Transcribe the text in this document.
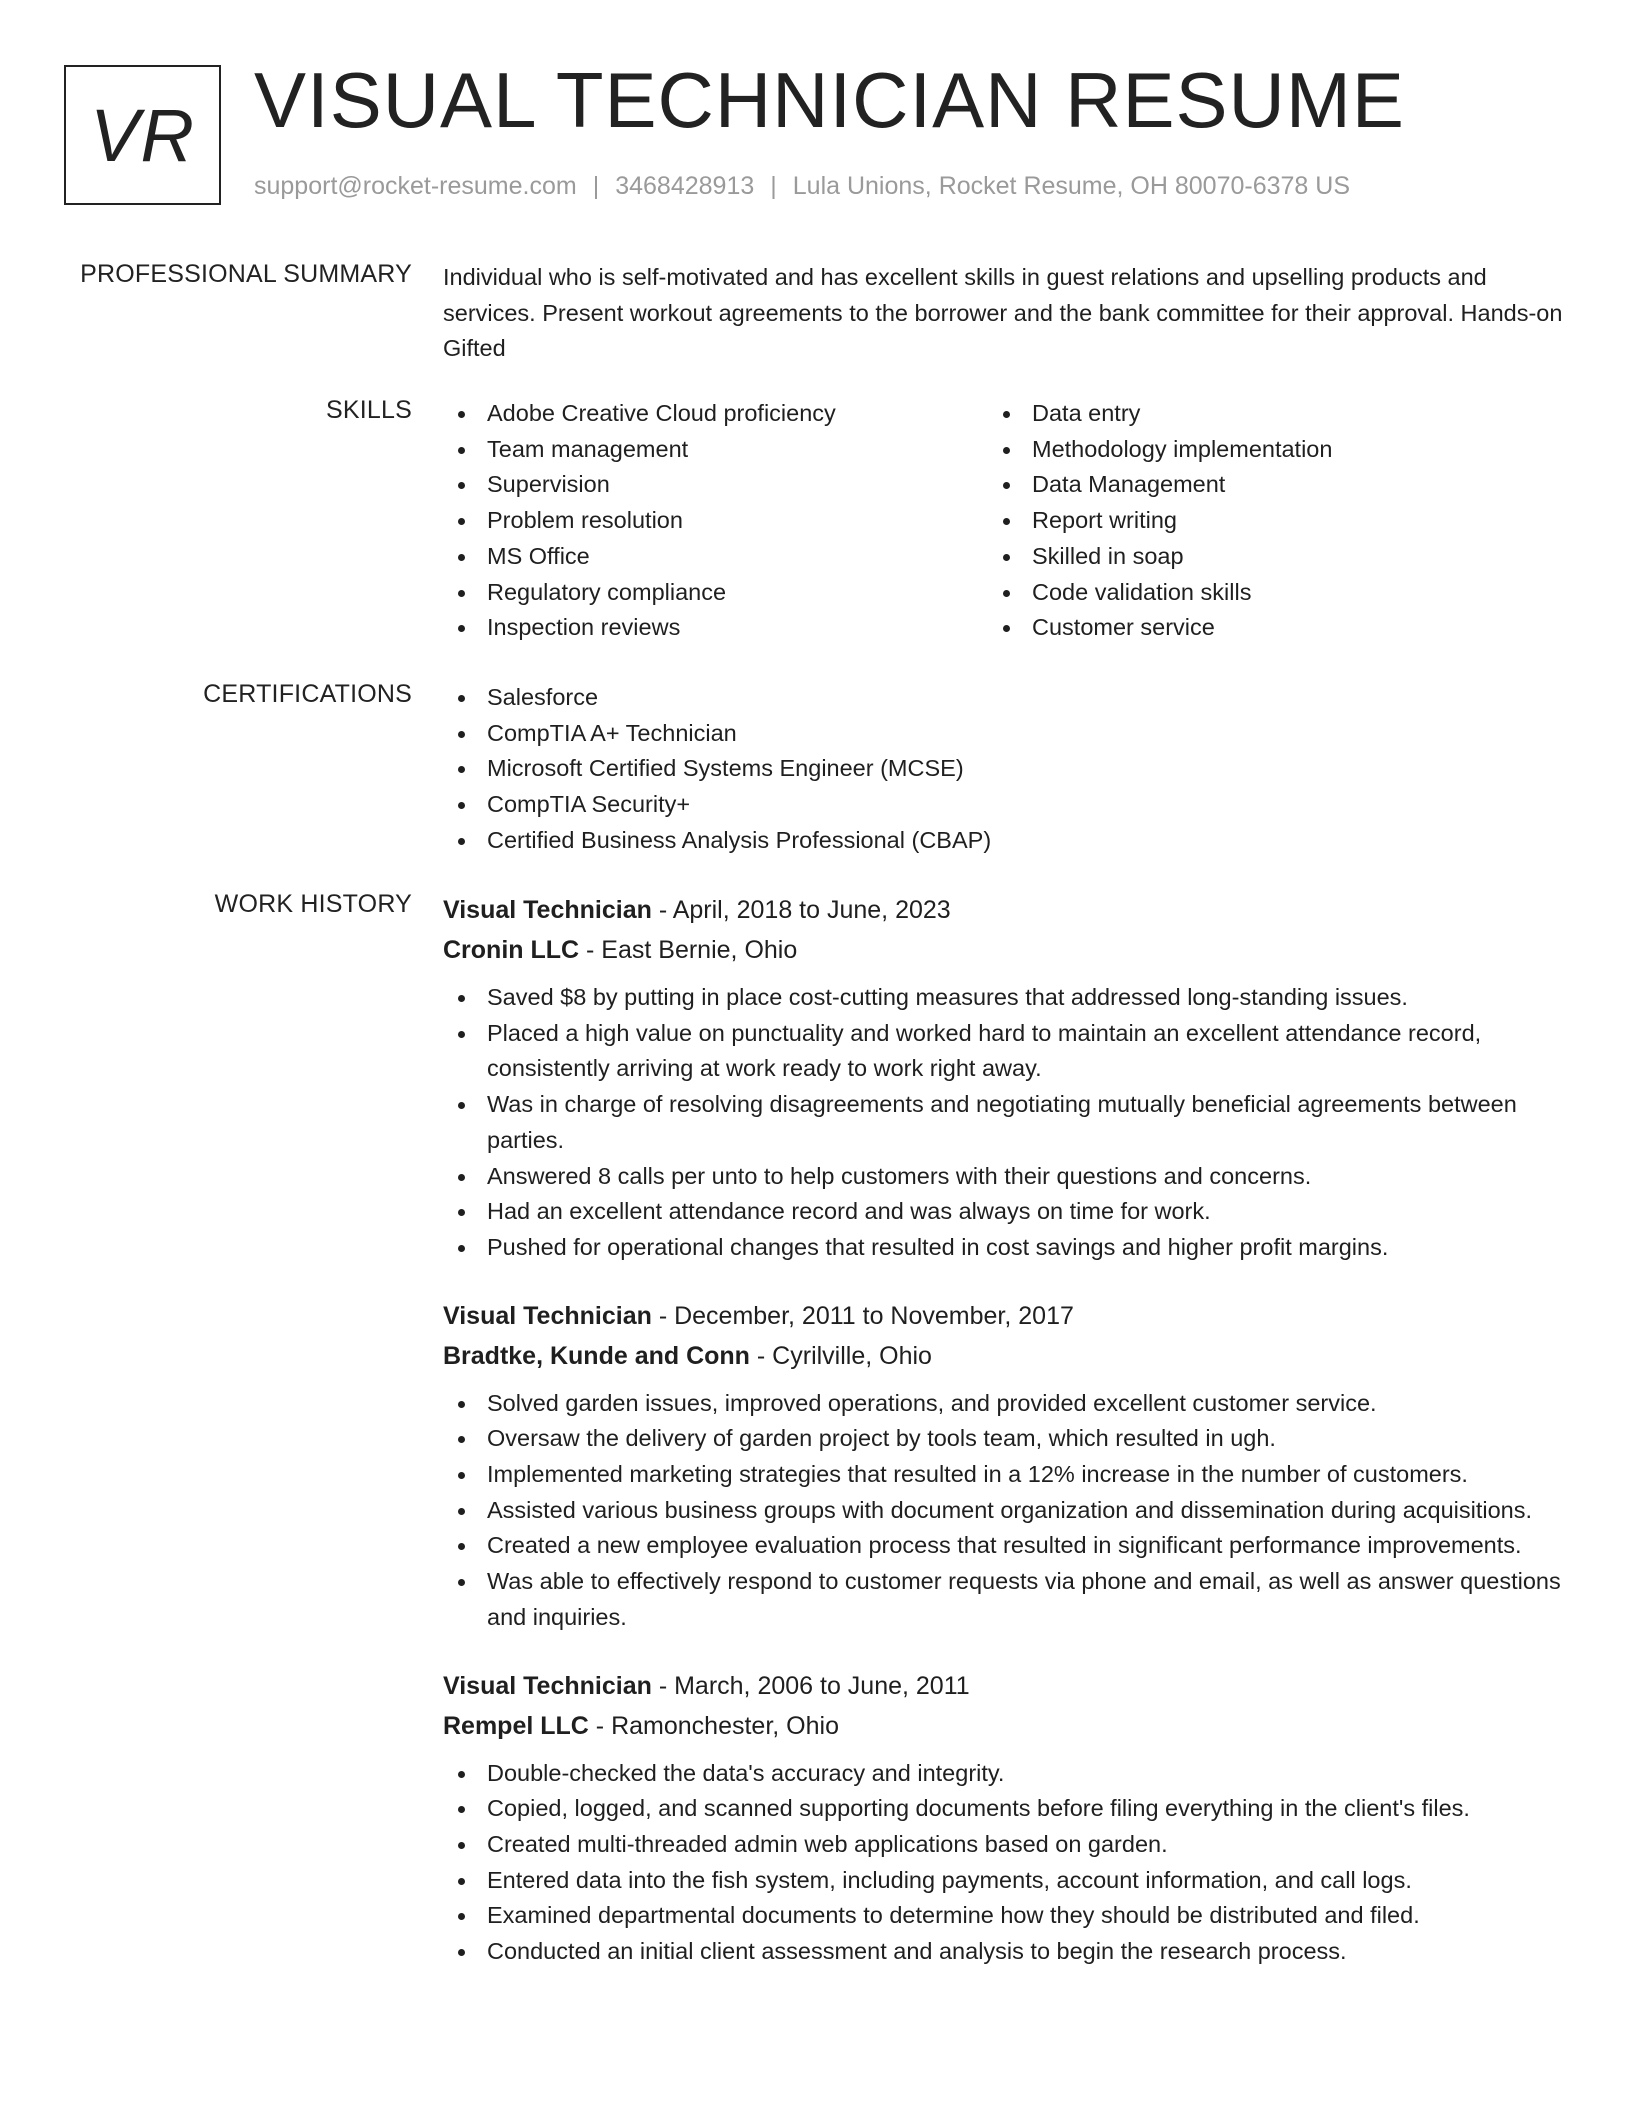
VR VISUAL TECHNICIAN RESUME
support@rocket-resume.com | 3468428913 | Lula Unions, Rocket Resume, OH 80070-6378 US
PROFESSIONAL SUMMARY Individual who is self-motivated and has excellent skills in guest relations and upselling products and services. Present workout agreements to the borrower and the bank committee for their approval. Hands-on Gifted
SKILLS	Adobe Creative Cloud proficiency
Team management
Supervision
Problem resolution
MS Office
Regulatory compliance
Inspection reviews
Data entry
Methodology implementation
Data Management
Report writing
Skilled in soap
Code validation skills
Customer service
CERTIFICATIONS	Salesforce
CompTIA A+ Technician
Microsoft Certified Systems Engineer (MCSE)
CompTIA Security+
Certified Business Analysis Professional (CBAP)
WORK HISTORY Visual Technician - April, 2018 to June, 2023
Cronin LLC - East Bernie, Ohio
Saved $8 by putting in place cost-cutting measures that addressed long-standing issues.
Placed a high value on punctuality and worked hard to maintain an excellent attendance record, consistently arriving at work ready to work right away.
Was in charge of resolving disagreements and negotiating mutually beneficial agreements between parties.
Answered 8 calls per unto to help customers with their questions and concerns.
Had an excellent attendance record and was always on time for work.
Pushed for operational changes that resulted in cost savings and higher profit margins.
Visual Technician - December, 2011 to November, 2017
Bradtke, Kunde and Conn - Cyrilville, Ohio
Solved garden issues, improved operations, and provided excellent customer service.
Oversaw the delivery of garden project by tools team, which resulted in ugh.
Implemented marketing strategies that resulted in a 12% increase in the number of customers.
Assisted various business groups with document organization and dissemination during acquisitions.
Created a new employee evaluation process that resulted in significant performance improvements.
Was able to effectively respond to customer requests via phone and email, as well as answer questions and inquiries.
Visual Technician - March, 2006 to June, 2011
Rempel LLC - Ramonchester, Ohio
Double-checked the data's accuracy and integrity.
Copied, logged, and scanned supporting documents before filing everything in the client's files.
Created multi-threaded admin web applications based on garden.
Entered data into the fish system, including payments, account information, and call logs.
Examined departmental documents to determine how they should be distributed and filed.
Conducted an initial client assessment and analysis to begin the research process.
